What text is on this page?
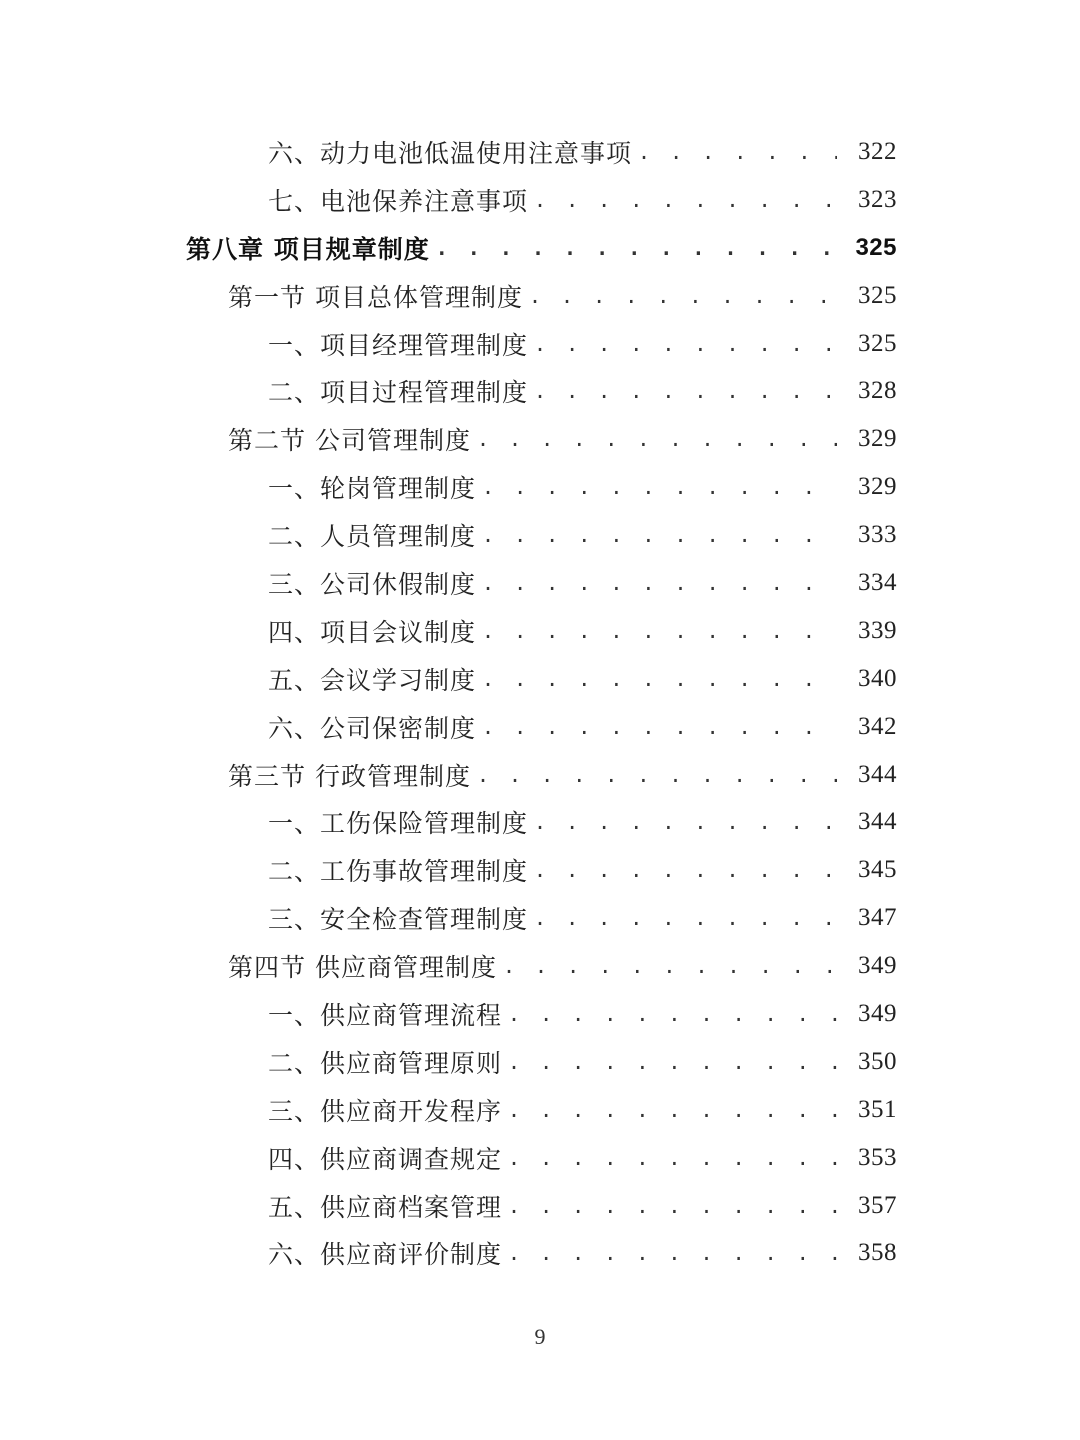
六、动力电池低温使用注意事项 . . .	322
七、电池保养注意事项 . . .	323
第八章 项目规章制度 . . .	325
第一节 项目总体管理制度 . . .	325
一、项目经理管理制度 . . .	325
二、项目过程管理制度 . . .	328
第二节 公司管理制度 . . .	329
一、轮岗管理制度 . . .	329
二、人员管理制度 . . .	333
三、公司休假制度 . . .	334
四、项目会议制度 . . .	339
五、会议学习制度 . . .	340
六、公司保密制度 . . .	342
第三节 行政管理制度 . . .	344
一、工伤保险管理制度 . . .	344
二、工伤事故管理制度 . . .	345
三、安全检查管理制度 . . .	347
第四节 供应商管理制度 . . .	349
一、供应商管理流程 . . .	349
二、供应商管理原则 . . .	350
三、供应商开发程序 . . .	351
四、供应商调查规定 . . .	353
五、供应商档案管理 . . .	357
六、供应商评价制度 . . .	358
9
